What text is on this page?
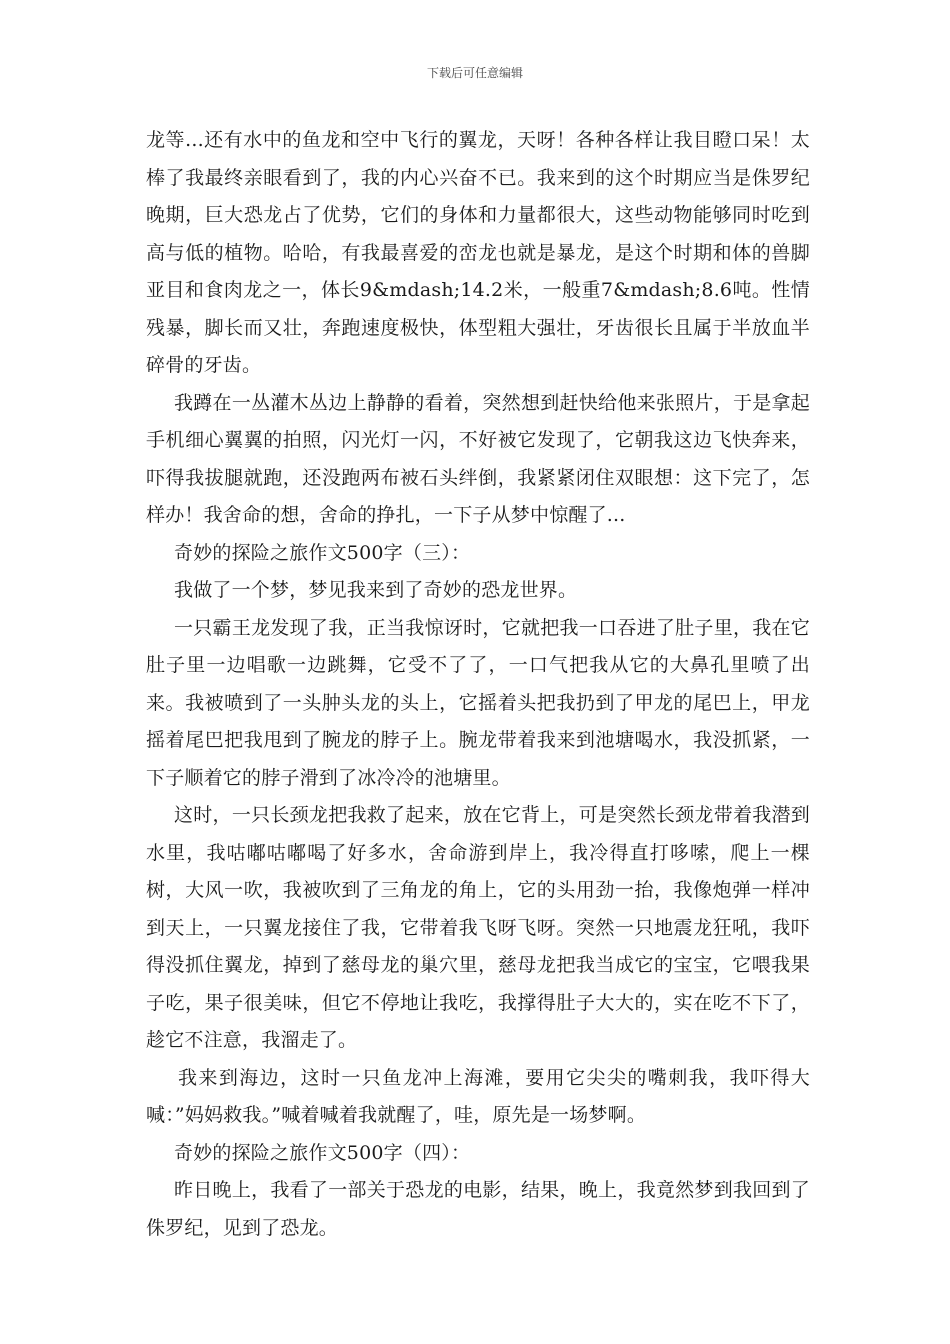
下载后可任意编辑

龙等...还有水中的鱼龙和空中飞行的翼龙，天呀！各种各样让我目瞪口呆！太棒了我最终亲眼看到了，我的内心兴奋不已。我来到的这个时期应当是侏罗纪晚期，巨大恐龙占了优势，它们的身体和力量都很大，这些动物能够同时吃到高与低的植物。哈哈，有我最喜爱的峦龙也就是暴龙，是这个时期和体的兽脚亚目和食肉龙之一，体长9&mdash;14.2米，一般重7&mdash;8.6吨。性情残暴，脚长而又壮，奔跑速度极快，体型粗大强壮，牙齿很长且属于半放血半碎骨的牙齿。

我蹲在一丛灌木丛边上静静的看着，突然想到赶快给他来张照片，于是拿起手机细心翼翼的拍照，闪光灯一闪，不好被它发现了，它朝我这边飞快奔来，吓得我拔腿就跑，还没跑两布被石头绊倒，我紧紧闭住双眼想：这下完了，怎样办！我舍命的想，舍命的挣扎，一下子从梦中惊醒了...

奇妙的探险之旅作文500字（三）：

我做了一个梦，梦见我来到了奇妙的恐龙世界。

一只霸王龙发现了我，正当我惊讶时，它就把我一口吞进了肚子里，我在它肚子里一边唱歌一边跳舞，它受不了了，一口气把我从它的大鼻孔里喷了出来。我被喷到了一头肿头龙的头上，它摇着头把我扔到了甲龙的尾巴上，甲龙摇着尾巴把我甩到了腕龙的脖子上。腕龙带着我来到池塘喝水，我没抓紧，一下子顺着它的脖子滑到了冰冷冷的池塘里。

这时，一只长颈龙把我救了起来，放在它背上，可是突然长颈龙带着我潜到水里，我咕嘟咕嘟喝了好多水，舍命游到岸上，我冷得直打哆嗦，爬上一棵树，大风一吹，我被吹到了三角龙的角上，它的头用劲一抬，我像炮弹一样冲到天上，一只翼龙接住了我，它带着我飞呀飞呀。突然一只地震龙狂吼，我吓得没抓住翼龙，掉到了慈母龙的巢穴里，慈母龙把我当成它的宝宝，它喂我果子吃，果子很美味，但它不停地让我吃，我撑得肚子大大的，实在吃不下了，趁它不注意，我溜走了。

我来到海边，这时一只鱼龙冲上海滩，要用它尖尖的嘴刺我，我吓得大喊：”妈妈救我。”喊着喊着我就醒了，哇，原先是一场梦啊。

奇妙的探险之旅作文500字（四）：

昨日晚上，我看了一部关于恐龙的电影，结果，晚上，我竟然梦到我回到了侏罗纪，见到了恐龙。
